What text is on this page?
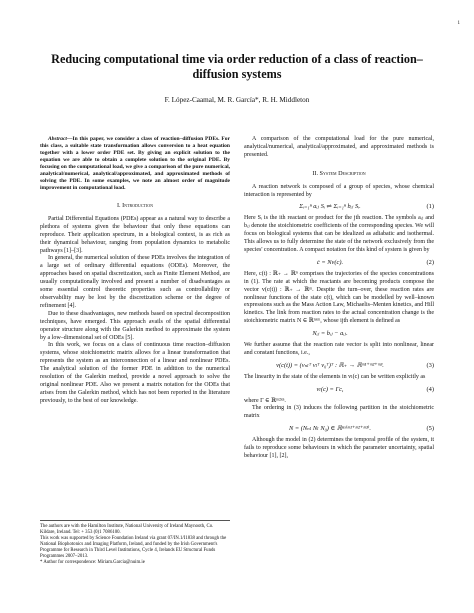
1
Reducing computational time via order reduction of a class of reaction–diffusion systems
F. López-Caamal, M. R. García*, R. H. Middleton

Abstract—In this paper, we consider a class of reaction–diffusion PDEs. For this class, a suitable state transformation allows conversion to a heat equation together with a lower order PDE set. By giving an explicit solution to the equation we are able to obtain a complete solution to the original PDE. By focusing on the computational load, we give a comparison of the pure numerical, analytical/numerical, analytical/approximated, and approximated methods of solving the PDE. In some examples, we note an almost order of magnitude improvement in computational load.

I. Introduction

Partial Differential Equations (PDEs) appear as a natural way to describe a plethora of systems given the behaviour that only these equations can reproduce. Their application spectrum, in a biological context, is as rich as their dynamical behaviour, ranging from population dynamics to metabolic pathways [1]–[3].

In general, the numerical solution of these PDEs involves the integration of a large set of ordinary differential equations (ODEs). Moreover, the approaches based on spatial discretization, such as Finite Element Method, are usually computationally involved and present a number of disadvantages as some essential control theoretic properties such as controllability or observability may be lost by the discretization scheme or the degree of refinement [4].

Due to these disadvantages, new methods based on spectral decomposition techniques, have emerged. This approach avails of the spatial differential operator structure along with the Galerkin method to approximate the system by a low–dimensional set of ODEs [5].

In this work, we focus on a class of continuous time reaction–diffusion systems, whose stoichiometric matrix allows for a linear transformation that represents the system as an interconnection of a linear and nonlinear PDEs. The analytical solution of the former PDE in addition to the numerical resolution of the Galerkin method, provide a novel approach to solve the original nonlinear PDE. Also we present a matrix notation for the ODEs that arises from the Galerkin method, which has not been reported in the literature previously, to the best of our knowledge.

The authors are with the Hamilton Institute, National University of Ireland Maynooth, Co. Kildare, Ireland. Tel: + 353 (0)1 7086100.
This work was supported by Science Foundation Ireland via grant 07/IN.1/I1838 and through the National Biophotonics and Imaging Platform, Ireland, and funded by the Irish Government's Programme for Research in Third Level Institutions, Cycle 4, Irelands EU Structural Funds Programmes 2007–2013.
* Author for correspondence: Miriam.Garcia@nuim.ie

A comparison of the computational load for the pure numerical, analytical/numerical, analytical/approximated, and approximated methods is presented.

II. System Description

A reaction network is composed of a group of species, whose chemical interaction is represented by

Σᵢ₌₁ⁿ aᵢⱼ Sᵢ ⇌ Σᵢ₌₁ⁿ bᵢⱼ Sᵢ.	(1)

Here Sᵢ is the ith reactant or product for the jth reaction. The symbols aᵢⱼ and bᵢⱼ denote the stoichiometric coefficients of the corresponding species. We will focus on biological systems that can be idealized as adiabatic and isothermal. This allows us to fully determine the state of the network exclusively from the species' concentration. A compact notation for this kind of system is given by

ċ = Nv(c).	(2)

Here, c(t) : ℝ₊ → ℝⁿ comprises the trajectories of the species concentrations in (1). The rate at which the reactants are becoming products compose the vector v(c(t)) : ℝ₊ → ℝᵐ. Despite the turn–over, these reaction rates are nonlinear functions of the state c(t), which can be modelled by well–known expressions such as the Mass Action Law, Michaelis–Menten kinetics, and Hill kinetics. The link from reaction rates to the actual concentration change is the stoichiometric matrix N ∈ ℝⁿˣᵐ, whose ijth element is defined as

Nᵢⱼ = bᵢⱼ − aᵢⱼ.

We further assume that the reaction rate vector is split into nonlinear, linear and constant functions, i.e.,

v(c(t)) = (vₙₗᵀ vₗᵀ v₀ᵀ)ᵀ : ℝ₊ → ℝᵐ¹⁺ᵐ²⁺ᵐ³.	(3)

The linearity in the state of the elements in vₗ(c) can be written explicitly as

vₗ(c) = Γc,	(4)

where Γ ∈ ℝᵐ²ˣⁿ.

The ordering in (3) induces the following partition in the stoichiometric matrix

N = (Nₙₗ Nₗ N₀) ∈ ℝⁿˣ⁽ᵐ¹⁺ᵐ²⁺ᵐ³⁾.	(5)

Although the model in (2) determines the temporal profile of the system, it fails to reproduce some behaviours in which the parameter uncertainty, spatial behaviour [1], [2],
